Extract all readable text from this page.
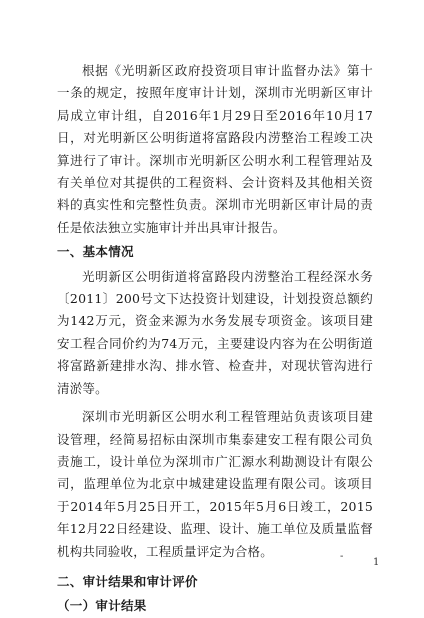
根据《光明新区政府投资项目审计监督办法》第十一条的规定，按照年度审计计划，深圳市光明新区审计局成立审计组，自2016年1月29日至2016年10月17日，对光明新区公明街道将富路段内涝整治工程竣工决算进行了审计。深圳市光明新区公明水利工程管理站及有关单位对其提供的工程资料、会计资料及其他相关资料的真实性和完整性负责。深圳市光明新区审计局的责任是依法独立实施审计并出具审计报告。

一、基本情况

光明新区公明街道将富路段内涝整治工程经深水务〔2011〕200号文下达投资计划建设，计划投资总额约为142万元，资金来源为水务发展专项资金。该项目建安工程合同价约为74万元，主要建设内容为在公明街道将富路新建排水沟、排水管、检查井，对现状管沟进行清淤等。

深圳市光明新区公明水利工程管理站负责该项目建设管理，经简易招标由深圳市集泰建安工程有限公司负责施工，设计单位为深圳市广汇源水利勘测设计有限公司，监理单位为北京中城建建设监理有限公司。该项目于2014年5月25日开工，2015年5月6日竣工，2015年12月22日经建设、监理、设计、施工单位及质量监督机构共同验收，工程质量评定为合格。

二、审计结果和审计评价
（一）审计结果
-
1
